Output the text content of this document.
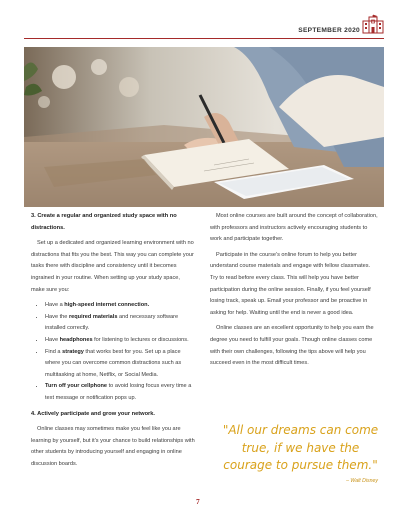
SEPTEMBER 2020
3. Create a regular and organized study space with no distractions.

Set up a dedicated and organized learning environment with no distractions that fits you the best. This way you can complete your tasks there with discipline and consistency until it becomes ingrained in your routine. When setting up your study space, make sure you:

• Have a high-speed internet connection.
• Have the required materials and necessary software installed correctly.
• Have headphones for listening to lectures or discussions.
• Find a strategy that works best for you. Set up a place where you can overcome common distractions such as multitasking at home, Netflix, or Social Media.
• Turn off your cellphone to avoid losing focus every time a text message or notification pops up.
4. Actively participate and grow your network.

Online classes may sometimes make you feel like you are learning by yourself, but it's your chance to build relationships with other students by introducing yourself and engaging in online discussion boards.

Most online courses are built around the concept of collaboration, with professors and instructors actively encouraging students to work and participate together.

Participate in the course's online forum to help you better understand course materials and engage with fellow classmates. Try to read before every class. This will help you have better participation during the online session. Finally, if you feel yourself losing track, speak up. Email your professor and be proactive in asking for help. Waiting until the end is never a good idea.

Online classes are an excellent opportunity to help you earn the degree you need to fulfill your goals. Though online classes come with their own challenges, following the tips above will help you succeed even in the most difficult times.

"All our dreams can come true, if we have the courage to pursue them."
– Walt Disney
7
